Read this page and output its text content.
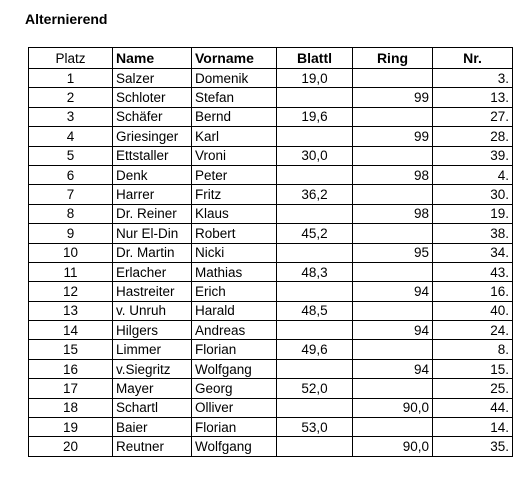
Alternierend
Platz	Name	Vorname	Blattl	Ring	Nr.
1	Salzer	Domenik	19,0		3.
2	Schloter	Stefan		99	13.
3	Schäfer	Bernd	19,6		27.
4	Griesinger	Karl		99	28.
5	Ettstaller	Vroni	30,0		39.
6	Denk	Peter		98	4.
7	Harrer	Fritz	36,2		30.
8	Dr. Reiner	Klaus		98	19.
9	Nur El-Din	Robert	45,2		38.
10	Dr. Martin	Nicki		95	34.
11	Erlacher	Mathias	48,3		43.
12	Hastreiter	Erich		94	16.
13	v. Unruh	Harald	48,5		40.
14	Hilgers	Andreas		94	24.
15	Limmer	Florian	49,6		8.
16	v.Siegritz	Wolfgang		94	15.
17	Mayer	Georg	52,0		25.
18	Schartl	Olliver		90,0	44.
19	Baier	Florian	53,0		14.
20	Reutner	Wolfgang		90,0	35.
